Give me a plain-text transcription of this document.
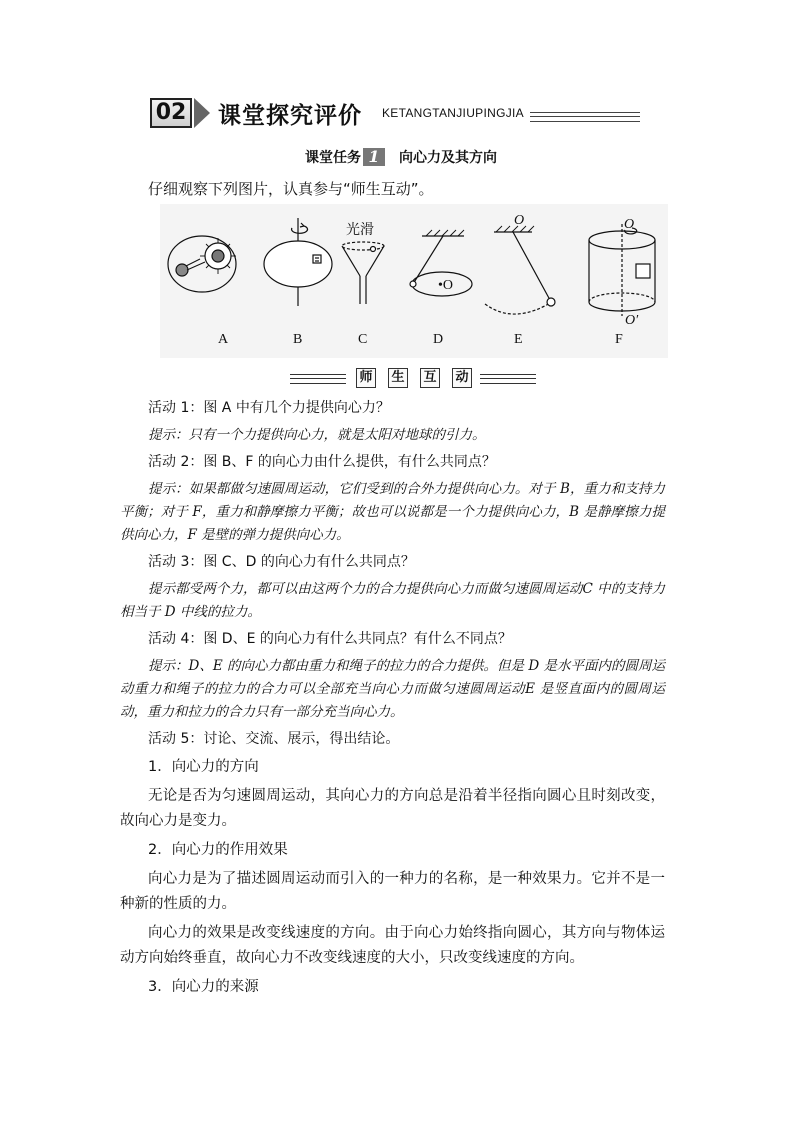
02 课堂探究评价 KETANGTANJIUPINGJIA
课堂任务 1 向心力及其方向
仔细观察下列图片，认真参与“师生互动”。
光滑
•O
O	O
O′
A	B	C	D	E	F
师 生 互 动

活动 1：图 A 中有几个力提供向心力？

提示：只有一个力提供向心力，就是太阳对地球的引力。

活动 2：图 B、F 的向心力由什么提供，有什么共同点？

提示：如果都做匀速圆周运动，它们受到的合外力提供向心力。对于 B，重力和支持力平衡；对于 F，重力和静摩擦力平衡；故也可以说都是一个力提供向心力，B 是静摩擦力提供向心力，F 是壁的弹力提供向心力。

活动 3：图 C、D 的向心力有什么共同点？

提示都受两个力，都可以由这两个力的合力提供向心力而做匀速圆周运动C 中的支持力相当于 D 中线的拉力。

活动 4：图 D、E 的向心力有什么共同点？有什么不同点？

提示：D、E 的向心力都由重力和绳子的拉力的合力提供。但是 D 是水平面内的圆周运动重力和绳子的拉力的合力可以全部充当向心力而做匀速圆周运动E 是竖直面内的圆周运动，重力和拉力的合力只有一部分充当向心力。

活动 5：讨论、交流、展示，得出结论。

1．向心力的方向

无论是否为匀速圆周运动，其向心力的方向总是沿着半径指向圆心且时刻改变，故向心力是变力。

2．向心力的作用效果

向心力是为了描述圆周运动而引入的一种力的名称，是一种效果力。它并不是一种新的性质的力。

向心力的效果是改变线速度的方向。由于向心力始终指向圆心，其方向与物体运动方向始终垂直，故向心力不改变线速度的大小，只改变线速度的方向。

3．向心力的来源
